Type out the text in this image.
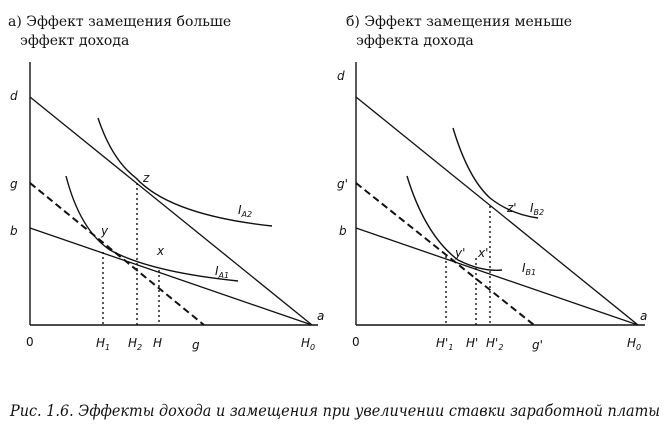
а) Эффект замещения больше
эффект дохода
d
g
b
0
z
y
x
a
$I_{A2}$
$I_{A1}$
$H_1$ $H_2$ H g	$H_0$
б) Эффект замещения меньше
эффекта дохода
d
g'
b
0
z'
y' x'
a
$I_{B2}$
$I_{B1}$
$H'_1$ H' $H'_2$ g'	$H_0$
Рис. 1.6. Эффекты дохода и замещения при увеличении ставки заработной платы
